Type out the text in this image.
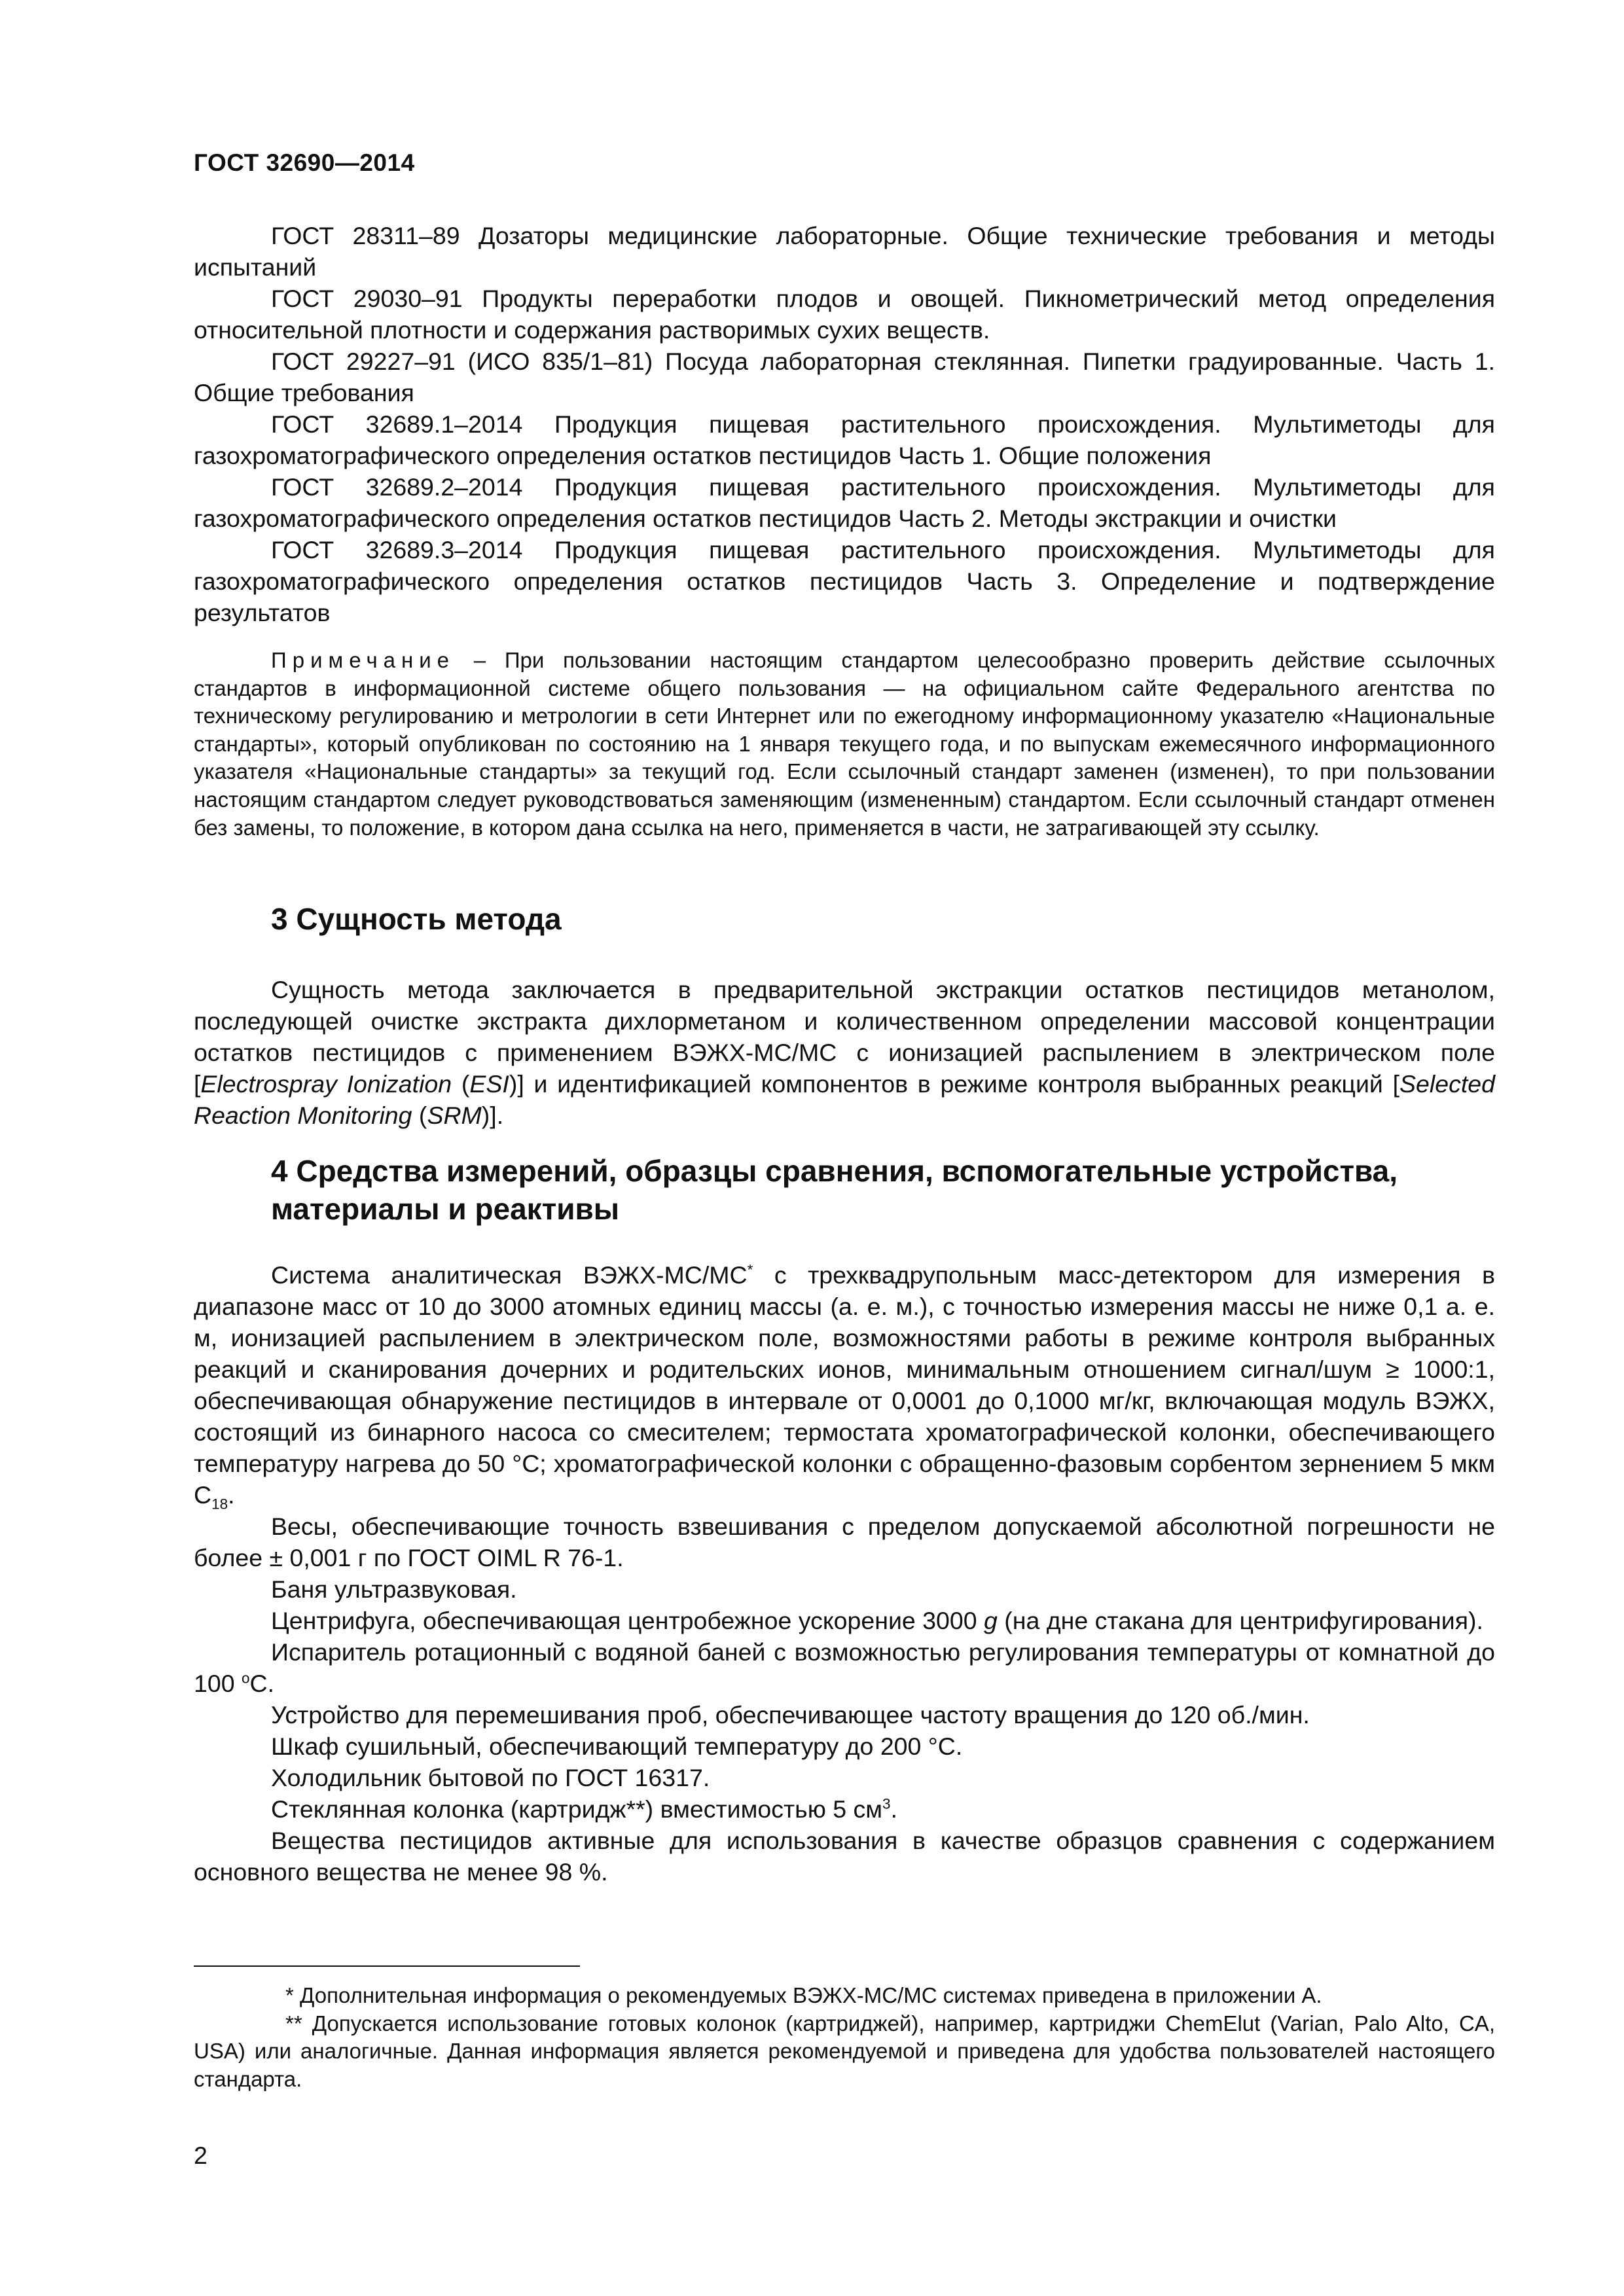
ГОСТ 32690—2014

ГОСТ 28311–89 Дозаторы медицинские лабораторные. Общие технические требования и методы испытаний

ГОСТ 29030–91 Продукты переработки плодов и овощей. Пикнометрический метод определения относительной плотности и содержания растворимых сухих веществ.

ГОСТ 29227–91 (ИСО 835/1–81) Посуда лабораторная стеклянная. Пипетки градуированные. Часть 1. Общие требования

ГОСТ 32689.1–2014 Продукция пищевая растительного происхождения. Мультиметоды для газохроматографического определения остатков пестицидов Часть 1. Общие положения

ГОСТ 32689.2–2014 Продукция пищевая растительного происхождения. Мультиметоды для газохроматографического определения остатков пестицидов Часть 2. Методы экстракции и очистки

ГОСТ 32689.3–2014 Продукция пищевая растительного происхождения. Мультиметоды для газохроматографического определения остатков пестицидов Часть 3. Определение и подтверждение результатов

Примечание – При пользовании настоящим стандартом целесообразно проверить действие ссылочных стандартов в информационной системе общего пользования — на официальном сайте Федерального агентства по техническому регулированию и метрологии в сети Интернет или по ежегодному информационному указателю «Национальные стандарты», который опубликован по состоянию на 1 января текущего года, и по выпускам ежемесячного информационного указателя «Национальные стандарты» за текущий год. Если ссылочный стандарт заменен (изменен), то при пользовании настоящим стандартом следует руководствоваться заменяющим (измененным) стандартом. Если ссылочный стандарт отменен без замены, то положение, в котором дана ссылка на него, применяется в части, не затрагивающей эту ссылку.

3 Сущность метода

Сущность метода заключается в предварительной экстракции остатков пестицидов метанолом, последующей очистке экстракта дихлорметаном и количественном определении массовой концентрации остатков пестицидов с применением ВЭЖХ-МС/МС с ионизацией распылением в электрическом поле [Electrospray Ionization (ESI)] и идентификацией компонентов в режиме контроля выбранных реакций [Selected Reaction Monitoring (SRM)].

4 Средства измерений, образцы сравнения, вспомогательные устройства, материалы и реактивы

Система аналитическая ВЭЖХ-МС/МС* с трехквадрупольным масс-детектором для измерения в диапазоне масс от 10 до 3000 атомных единиц массы (а. е. м.), с точностью измерения массы не ниже 0,1 а. е. м, ионизацией распылением в электрическом поле, возможностями работы в режиме контроля выбранных реакций и сканирования дочерних и родительских ионов, минимальным отношением сигнал/шум ≥ 1000:1, обеспечивающая обнаружение пестицидов в интервале от 0,0001 до 0,1000 мг/кг, включающая модуль ВЭЖХ, состоящий из бинарного насоса со смесителем; термостата хроматографической колонки, обеспечивающего температуру нагрева до 50 °С; хроматографической колонки с обращенно-фазовым сорбентом зернением 5 мкм $С_{18}$.

Весы, обеспечивающие точность взвешивания с пределом допускаемой абсолютной погрешности не более ± 0,001 г по ГОСТ OIML R 76-1.

Баня ультразвуковая.

Центрифуга, обеспечивающая центробежное ускорение 3000 g (на дне стакана для центрифугирования).

Испаритель ротационный с водяной баней с возможностью регулирования температуры от комнатной до 100 $^о$С.

Устройство для перемешивания проб, обеспечивающее частоту вращения до 120 об./мин.

Шкаф сушильный, обеспечивающий температуру до 200 °С.

Холодильник бытовой по ГОСТ 16317.

Стеклянная колонка (картридж**) вместимостью 5 $см^3$.

Вещества пестицидов активные для использования в качестве образцов сравнения с содержанием основного вещества не менее 98 %.

* Дополнительная информация о рекомендуемых ВЭЖХ-МС/МС системах приведена в приложении А.

** Допускается использование готовых колонок (картриджей), например, картриджи ChemElut (Varian, Palo Alto, CA, USA) или аналогичные. Данная информация является рекомендуемой и приведена для удобства пользователей настоящего стандарта.

2
